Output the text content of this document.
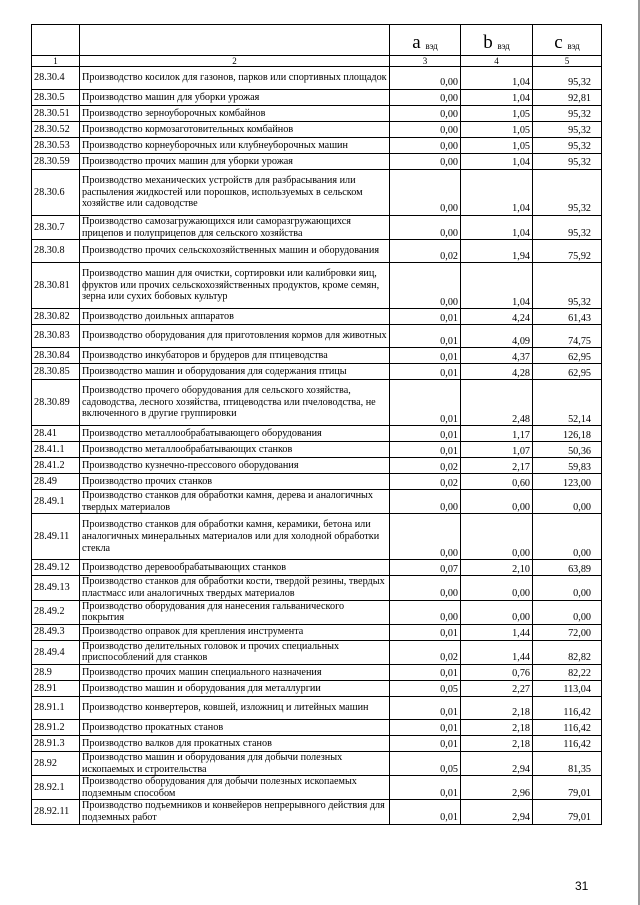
		a $_{вэд}$	b $_{вэд}$	c $_{вэд}$
1	2	3	4	5
28.30.4	Производство косилок для газонов, парков или спортивных площадок	0,00	1,04	95,32
28.30.5	Производство машин для уборки урожая	0,00	1,04	92,81
28.30.51	Производство зерноуборочных комбайнов	0,00	1,05	95,32
28.30.52	Производство кормозаготовительных комбайнов	0,00	1,05	95,32
28.30.53	Производство корнеуборочных или клубнеуборочных машин	0,00	1,05	95,32
28.30.59	Производство прочих машин для уборки урожая	0,00	1,04	95,32
28.30.6	Производство механических устройств для разбрасывания или распыления жидкостей или порошков, используемых в сельском хозяйстве или садоводстве	0,00	1,04	95,32
28.30.7	Производство самозагружающихся или саморазгружающихся прицепов и полуприцепов для сельского хозяйства	0,00	1,04	95,32
28.30.8	Производство прочих сельскохозяйственных машин и оборудования	0,02	1,94	75,92
28.30.81	Производство машин для очистки, сортировки или калибровки яиц, фруктов или прочих сельскохозяйственных продуктов, кроме семян, зерна или сухих бобовых культур	0,00	1,04	95,32
28.30.82	Производство доильных аппаратов	0,01	4,24	61,43
28.30.83	Производство оборудования для приготовления кормов для животных	0,01	4,09	74,75
28.30.84	Производство инкубаторов и брудеров для птицеводства	0,01	4,37	62,95
28.30.85	Производство машин и оборудования для содержания птицы	0,01	4,28	62,95
28.30.89	Производство прочего оборудования для сельского хозяйства, садоводства, лесного хозяйства, птицеводства или пчеловодства, не включенного в другие группировки	0,01	2,48	52,14
28.41	Производство металлообрабатывающего оборудования	0,01	1,17	126,18
28.41.1	Производство металлообрабатывающих станков	0,01	1,07	50,36
28.41.2	Производство кузнечно-прессового оборудования	0,02	2,17	59,83
28.49	Производство прочих станков	0,02	0,60	123,00
28.49.1	Производство станков для обработки камня, дерева и аналогичных твердых материалов	0,00	0,00	0,00
28.49.11	Производство станков для обработки камня, керамики, бетона или аналогичных минеральных материалов или для холодной обработки стекла	0,00	0,00	0,00
28.49.12	Производство деревообрабатывающих станков	0,07	2,10	63,89
28.49.13	Производство станков для обработки кости, твердой резины, твердых пластмасс или аналогичных твердых материалов	0,00	0,00	0,00
28.49.2	Производство оборудования для нанесения гальванического покрытия	0,00	0,00	0,00
28.49.3	Производство оправок для крепления инструмента	0,01	1,44	72,00
28.49.4	Производство делительных головок и прочих специальных приспособлений для станков	0,02	1,44	82,82
28.9	Производство прочих машин специального назначения	0,01	0,76	82,22
28.91	Производство машин и оборудования для металлургии	0,05	2,27	113,04
28.91.1	Производство конвертеров, ковшей, изложниц и литейных машин	0,01	2,18	116,42
28.91.2	Производство прокатных станов	0,01	2,18	116,42
28.91.3	Производство валков для прокатных станов	0,01	2,18	116,42
28.92	Производство машин и оборудования для добычи полезных ископаемых и строительства	0,05	2,94	81,35
28.92.1	Производство оборудования для добычи полезных ископаемых подземным способом	0,01	2,96	79,01
28.92.11	Производство подъемников и конвейеров непрерывного действия для подземных работ	0,01	2,94	79,01
31
